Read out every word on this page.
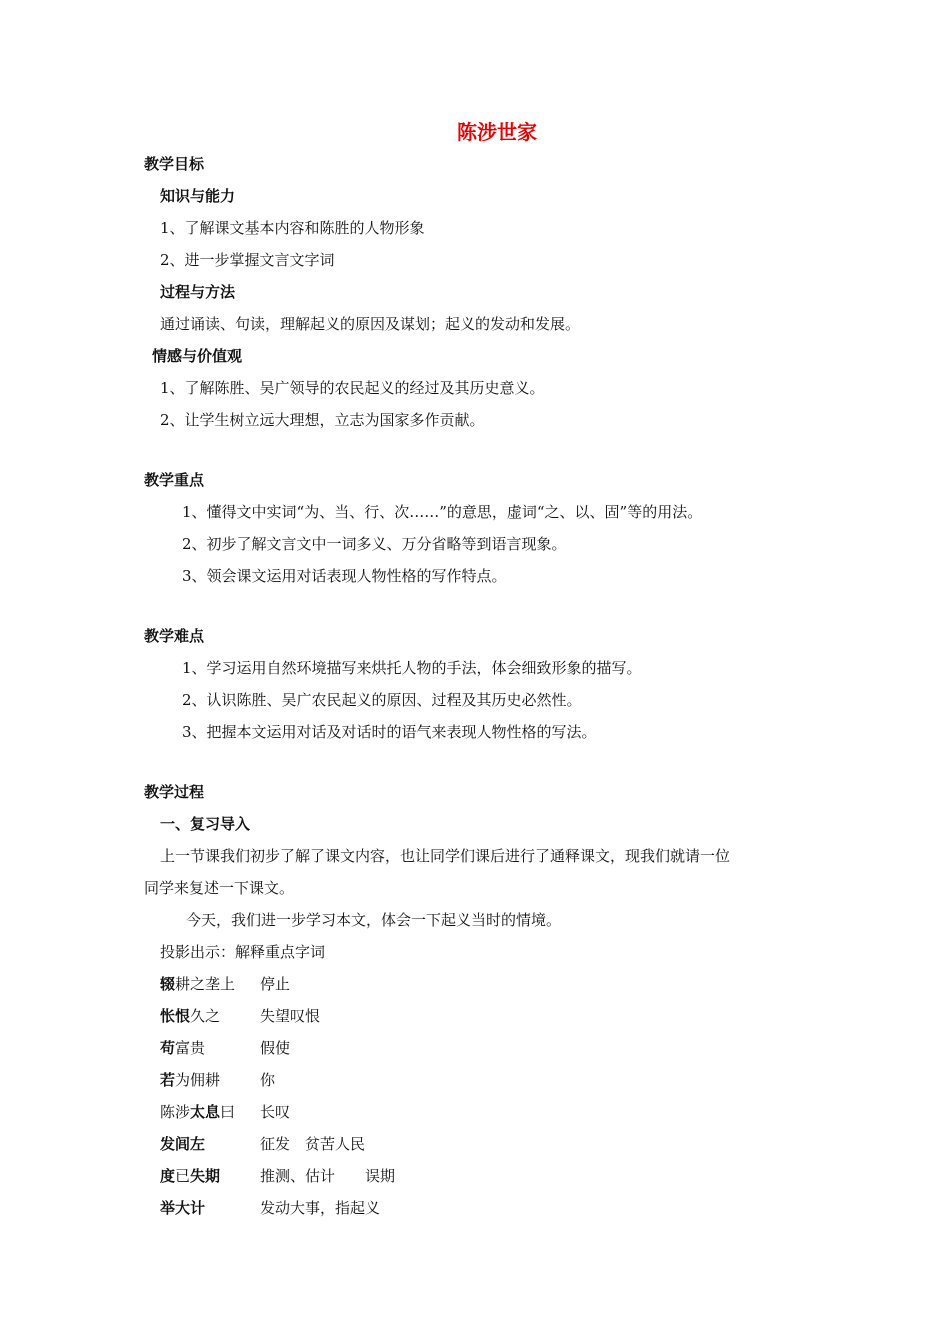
陈涉世家
教学目标
知识与能力
1、了解课文基本内容和陈胜的人物形象
2、进一步掌握文言文字词
过程与方法
通过诵读、句读，理解起义的原因及谋划；起义的发动和发展。
情感与价值观
1、了解陈胜、吴广领导的农民起义的经过及其历史意义。
2、让学生树立远大理想，立志为国家多作贡献。
教学重点
1、懂得文中实词“为、当、行、次……”的意思，虚词“之、以、固”等的用法。
2、初步了解文言文中一词多义、万分省略等到语言现象。
3、领会课文运用对话表现人物性格的写作特点。
教学难点
1、学习运用自然环境描写来烘托人物的手法，体会细致形象的描写。
2、认识陈胜、吴广农民起义的原因、过程及其历史必然性。
3、把握本文运用对话及对话时的语气来表现人物性格的写法。
教学过程
一、复习导入
上一节课我们初步了解了课文内容，也让同学们课后进行了通释课文，现我们就请一位
同学来复述一下课文。
今天，我们进一步学习本文，体会一下起义当时的情境。
投影出示：解释重点字词
辍耕之垄上 停止
怅恨久之	失望叹恨
苟富贵	假使
若为佣耕	你
陈涉太息曰 长叹
发闾左	征发　贫苦人民
度已失期	推测、估计　　误期
举大计	发动大事，指起义
